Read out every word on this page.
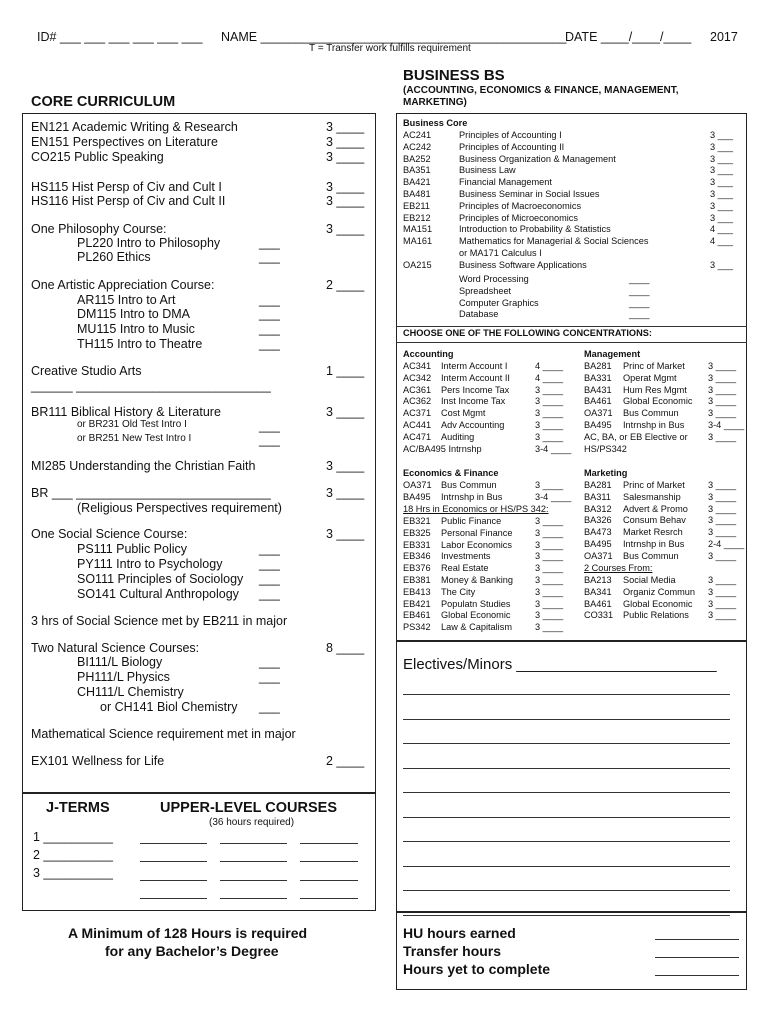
ID# ___ ___ ___ ___ ___ ___ NAME ____________________________________________
DATE ____/____/____ 2017
T = Transfer work fulfills requirement
CORE CURRICULUM
EN121 Academic Writing & Research	3 ____
EN151 Perspectives on Literature	3 ____
CO215 Public Speaking	3 ____
HS115 Hist Persp of Civ and Cult I	3 ____
HS116 Hist Persp of Civ and Cult II	3 ____
One Philosophy Course:	3 ____
PL220 Intro to Philosophy	___
PL260 Ethics	___
One Artistic Appreciation Course:	2 ____
AR115 Intro to Art	___
DM115 Intro to DMA	___
MU115 Intro to Music	___
TH115 Intro to Theatre	___
Creative Studio Arts	1 ____
______ ____________________________
BR111 Biblical History & Literature	3 ____
or BR231 Old Test Intro I	___
or BR251 New Test Intro I	___
MI285 Understanding the Christian Faith	3 ____
BR ___ ____________________________	3 ____
(Religious Perspectives requirement)
One Social Science Course:	3 ____
PS111 Public Policy	___
PY111 Intro to Psychology	___
SO111 Principles of Sociology ___
SO141 Cultural Anthropology ___
3 hrs of Social Science met by EB211 in major
Two Natural Science Courses:	8 ____
BI111/L Biology	___
PH111/L Physics	___
CH111/L Chemistry
or CH141 Biol Chemistry ___
Mathematical Science requirement met in major
EX101 Wellness for Life	2 ____
J-TERMS
1 __________
2 __________
3 __________
UPPER-LEVEL COURSES
(36 hours required)
A Minimum of 128 Hours is required
for any Bachelor’s Degree
BUSINESS BS
(ACCOUNTING, ECONOMICS & FINANCE, MANAGEMENT,
MARKETING)
Business Core
AC241	Principles of Accounting I	3 ___
AC242	Principles of Accounting II	3 ___
BA252	Business Organization & Management	3 ___
BA351	Business Law	3 ___
BA421	Financial Management	3 ___
BA481	Business Seminar in Social Issues	3 ___
EB211	Principles of Macroeconomics	3 ___
EB212	Principles of Microeconomics	3 ___
MA151	Introduction to Probability & Statistics	4 ___
MA161	Mathematics for Managerial & Social Sciences	4 ___
or MA171 Calculus I
OA215	Business Software Applications	3 ___
Word Processing	____
Spreadsheet	____
Computer Graphics	____
Database	____
CHOOSE ONE OF THE FOLLOWING CONCENTRATIONS:
Accounting
AC341 Interm Account I	4 ____
AC342 Interm Account II	4 ____
AC361 Pers Income Tax	3 ____
AC362 Inst Income Tax	3 ____
AC371 Cost Mgmt	3 ____
AC441 Adv Accounting	3 ____
AC471 Auditing	3 ____
AC/BA495 Intrnshp	3-4 ____
Management
BA281 Princ of Market	3 ____
BA331 Operat Mgmt	3 ____
BA431 Hum Res Mgmt 3 ____
BA461 Global Economic 3 ____
OA371 Bus Commun	3 ____
BA495 Intrnshp in Bus	3-4 ____
AC, BA, or EB Elective or 3 ____
HS/PS342
Economics & Finance
OA371 Bus Commun	3 ____
BA495 Intrnshp in Bus	3-4 ____
18 Hrs in Economics or HS/PS 342:
EB321 Public Finance	3 ____
EB325 Personal Finance 3 ____
EB331 Labor Economics	3 ____
EB346 Investments	3 ____
EB376 Real Estate	3 ____
EB381 Money & Banking 3 ____
EB413 The City	3 ____
EB421 Populatn Studies	3 ____
EB461 Global Economic	3 ____
PS342 Law & Capitalism	3 ____
Marketing
BA281 Princ of Market	3 ____
BA311 Salesmanship	3 ____
BA312 Advert & Promo 3 ____
BA326 Consum Behav 3 ____
BA473 Market Resrch	3 ____
BA495 Intrnshp in Bus	2-4 ____
OA371 Bus Commun	3 ____
2 Courses From:
BA213 Social Media	3 ____
BA341 Organiz Commun 3 ____
BA461 Global Economic 3 ____
CO331 Public Relations 3 ____
Electives/Minors ________________________
HU hours earned
Transfer hours
Hours yet to complete
